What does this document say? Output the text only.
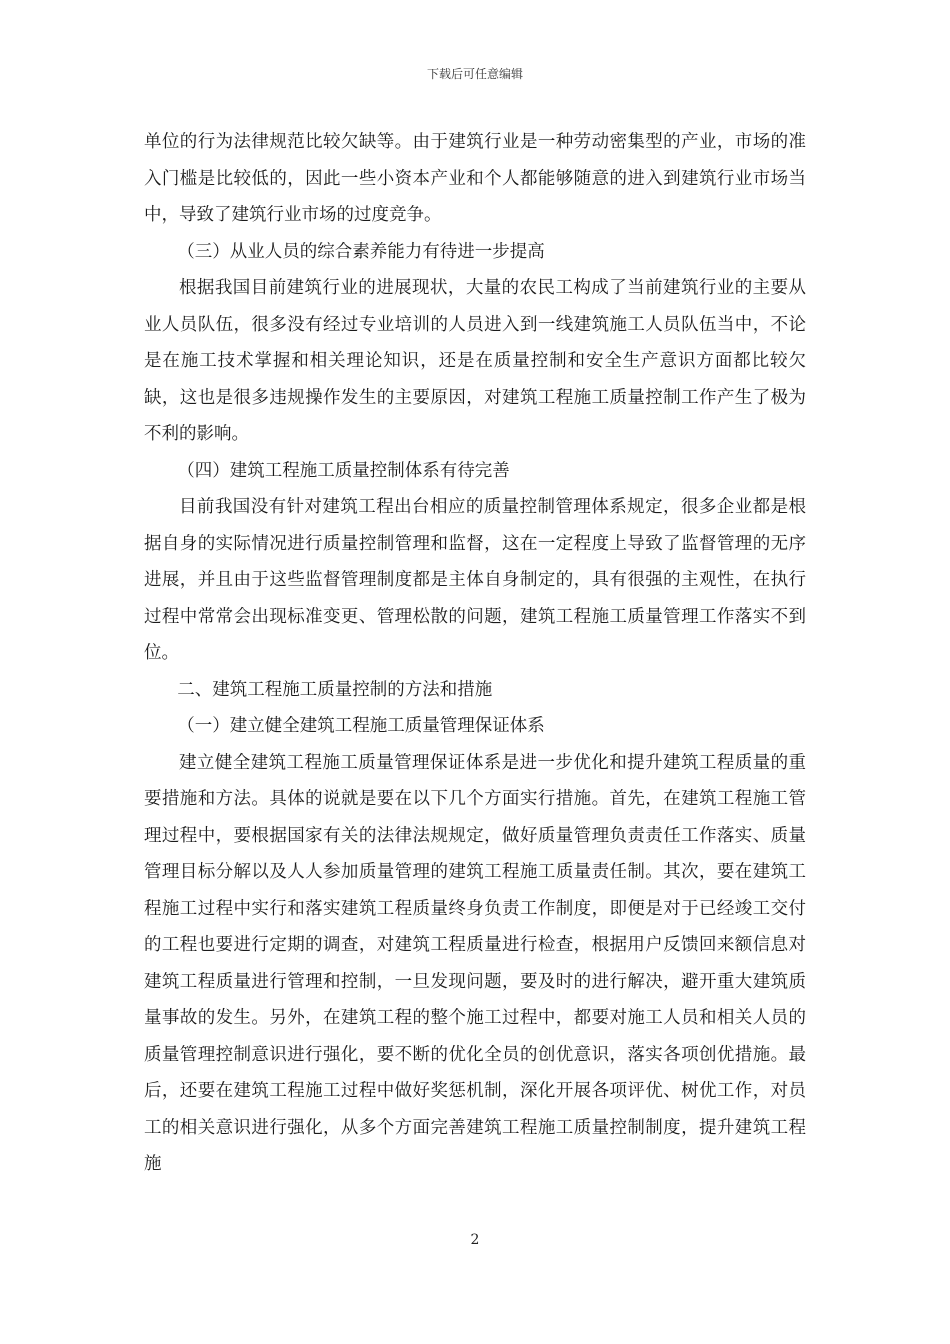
下载后可任意编辑

单位的行为法律规范比较欠缺等。由于建筑行业是一种劳动密集型的产业，市场的准入门槛是比较低的，因此一些小资本产业和个人都能够随意的进入到建筑行业市场当中，导致了建筑行业市场的过度竞争。

（三）从业人员的综合素养能力有待进一步提高

根据我国目前建筑行业的进展现状，大量的农民工构成了当前建筑行业的主要从业人员队伍，很多没有经过专业培训的人员进入到一线建筑施工人员队伍当中，不论是在施工技术掌握和相关理论知识，还是在质量控制和安全生产意识方面都比较欠缺，这也是很多违规操作发生的主要原因，对建筑工程施工质量控制工作产生了极为不利的影响。

（四）建筑工程施工质量控制体系有待完善

目前我国没有针对建筑工程出台相应的质量控制管理体系规定，很多企业都是根据自身的实际情况进行质量控制管理和监督，这在一定程度上导致了监督管理的无序进展，并且由于这些监督管理制度都是主体自身制定的，具有很强的主观性，在执行过程中常常会出现标准变更、管理松散的问题，建筑工程施工质量管理工作落实不到位。

二、建筑工程施工质量控制的方法和措施

（一）建立健全建筑工程施工质量管理保证体系

建立健全建筑工程施工质量管理保证体系是进一步优化和提升建筑工程质量的重要措施和方法。具体的说就是要在以下几个方面实行措施。首先，在建筑工程施工管理过程中，要根据国家有关的法律法规规定，做好质量管理负责责任工作落实、质量管理目标分解以及人人参加质量管理的建筑工程施工质量责任制。其次，要在建筑工程施工过程中实行和落实建筑工程质量终身负责工作制度，即便是对于已经竣工交付的工程也要进行定期的调查，对建筑工程质量进行检查，根据用户反馈回来额信息对建筑工程质量进行管理和控制，一旦发现问题，要及时的进行解决，避开重大建筑质量事故的发生。另外，在建筑工程的整个施工过程中，都要对施工人员和相关人员的质量管理控制意识进行强化，要不断的优化全员的创优意识，落实各项创优措施。最后，还要在建筑工程施工过程中做好奖惩机制，深化开展各项评优、树优工作，对员工的相关意识进行强化，从多个方面完善建筑工程施工质量控制制度，提升建筑工程施

2
